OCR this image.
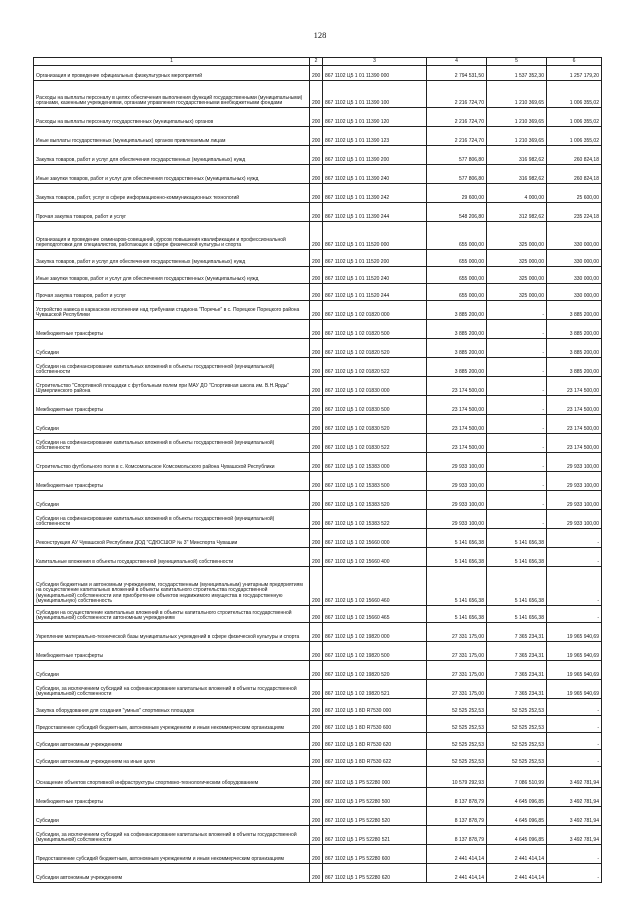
128
1	2	3	4	5	6
Организация и проведение официальных физкультурных мероприятий	200	867 1102 Ц5 1 01 11390 000	2 794 531,50	1 537 352,30	1 257 179,20
Расходы на выплаты персоналу в целях обеспечения выполнения функций государственными (муниципальными) органами, казенными учреждениями, органами управления государственными внебюджетными фондами	200	867 1102 Ц5 1 01 11390 100	2 216 724,70	1 210 369,65	1 006 355,02
Расходы на выплаты персоналу государственных (муниципальных) органов	200	867 1102 Ц5 1 01 11390 120	2 216 724,70	1 210 369,65	1 006 355,02
Иные выплаты государственных (муниципальных) органов привлекаемым лицам	200	867 1102 Ц5 1 01 11390 123	2 216 724,70	1 210 369,65	1 006 355,02
Закупка товаров, работ и услуг для обеспечения государственных (муниципальных) нужд	200	867 1102 Ц5 1 01 11390 200	577 806,80	316 982,62	260 824,18
Иные закупки товаров, работ и услуг для обеспечения государственных (муниципальных) нужд	200	867 1102 Ц5 1 01 11390 240	577 806,80	316 982,62	260 824,18
Закупка товаров, работ, услуг в сфере информационно-коммуникационных технологий	200	867 1102 Ц5 1 01 11390 242	29 600,00	4 000,00	25 600,00
Прочая закупка товаров, работ и услуг	200	867 1102 Ц5 1 01 11390 244	548 206,80	312 982,62	235 224,18
Организация и проведение семинаров-совещаний, курсов повышения квалификации и профессиональной переподготовки для специалистов, работающих в сфере физической культуры и спорта	200	867 1102 Ц5 1 01 11520 000	655 000,00	325 000,00	330 000,00
Закупка товаров, работ и услуг для обеспечения государственных (муниципальных) нужд	200	867 1102 Ц5 1 01 11520 200	655 000,00	325 000,00	330 000,00
Иные закупки товаров, работ и услуг для обеспечения государственных (муниципальных) нужд	200	867 1102 Ц5 1 01 11520 240	655 000,00	325 000,00	330 000,00
Прочая закупка товаров, работ и услуг	200	867 1102 Ц5 1 01 11520 244	655 000,00	325 000,00	330 000,00
Устройство навеса в каркасном исполнении над трибунами стадиона "Поречье" в с. Порецкое Порецкого района Чувашской Республики	200	867 1102 Ц5 1 02 01820 000	3 885 200,00	-	3 885 200,00
Межбюджетные трансферты	200	867 1102 Ц5 1 02 01820 500	3 885 200,00	-	3 885 200,00
Субсидии	200	867 1102 Ц5 1 02 01820 520	3 885 200,00	-	3 885 200,00
Субсидии на софинансирование капитальных вложений в объекты государственной (муниципальной) собственности	200	867 1102 Ц5 1 02 01820 522	3 885 200,00	-	3 885 200,00
Строительство "Спортивной площадки с футбольным полем при МАУ ДО "Спортивная школа им. В.Н.Ярды" Шумерлинского района	200	867 1102 Ц5 1 02 01830 000	23 174 500,00	-	23 174 500,00
Межбюджетные трансферты	200	867 1102 Ц5 1 02 01830 500	23 174 500,00	-	23 174 500,00
Субсидии	200	867 1102 Ц5 1 02 01830 520	23 174 500,00	-	23 174 500,00
Субсидии на софинансирование капитальных вложений в объекты государственной (муниципальной) собственности	200	867 1102 Ц5 1 02 01830 522	23 174 500,00	-	23 174 500,00
Строительство футбольного поля в с. Комсомольское Комсомольского района Чувашской Республики	200	867 1102 Ц5 1 02 15383 000	29 933 100,00	-	29 933 100,00
Межбюджетные трансферты	200	867 1102 Ц5 1 02 15383 500	29 933 100,00	-	29 933 100,00
Субсидии	200	867 1102 Ц5 1 02 15383 520	29 933 100,00	-	29 933 100,00
Субсидии на софинансирование капитальных вложений в объекты государственной (муниципальной) собственности	200	867 1102 Ц5 1 02 15383 522	29 933 100,00	-	29 933 100,00
Реконструкция АУ Чувашской Республики ДОД "СДЮСШОР № 3" Минспорта Чувашии	200	867 1102 Ц5 1 02 15660 000	5 141 656,38	5 141 656,38	-
Капитальные вложения в объекты государственной (муниципальной) собственности	200	867 1102 Ц5 1 02 15660 400	5 141 656,38	5 141 656,38	-
Субсидии бюджетным и автономным учреждениям, государственным (муниципальным) унитарным предприятиям на осуществление капитальных вложений в объекты капитального строительства государственной (муниципальной) собственности или приобретение объектов недвижимого имущества в государственную (муниципальную) собственность	200	867 1102 Ц5 1 02 15660 460	5 141 656,38	5 141 656,38	-
Субсидии на осуществление капитальных вложений в объекты капитального строительства государственной (муниципальной) собственности автономным учреждениям	200	867 1102 Ц5 1 02 15660 465	5 141 656,38	5 141 656,38	-
Укрепление материально-технической базы муниципальных учреждений в сфере физической культуры и спорта	200	867 1102 Ц5 1 02 19820 000	27 331 175,00	7 365 234,31	19 965 940,69
Межбюджетные трансферты	200	867 1102 Ц5 1 02 19820 500	27 331 175,00	7 365 234,31	19 965 940,69
Субсидии	200	867 1102 Ц5 1 02 19820 520	27 331 175,00	7 365 234,31	19 965 940,69
Субсидии, за исключением субсидий на софинансирование капитальных вложений в объекты государственной (муниципальной) собственности	200	867 1102 Ц5 1 02 19820 521	27 331 175,00	7 365 234,31	19 965 940,69
Закупка оборудования для создания "умных" спортивных площадок	200	867 1102 Ц5 1 8D R7530 000	52 525 252,53	52 525 252,53	-
Предоставление субсидий бюджетным, автономным учреждениям и иным некоммерческим организациям	200	867 1102 Ц5 1 8D R7530 600	52 525 252,53	52 525 252,53	-
Субсидии автономным учреждениям	200	867 1102 Ц5 1 8D R7530 620	52 525 252,53	52 525 252,53	-
Субсидии автономным учреждениям на иные цели	200	867 1102 Ц5 1 8D R7530 622	52 525 252,53	52 525 252,53	-
Оснащение объектов спортивной инфраструктуры спортивно-технологическим оборудованием	200	867 1102 Ц5 1 P5 52280 000	10 579 292,93	7 086 510,99	3 492 781,94
Межбюджетные трансферты	200	867 1102 Ц5 1 P5 52280 500	8 137 878,79	4 645 096,85	3 492 781,94
Субсидии	200	867 1102 Ц5 1 P5 52280 520	8 137 878,79	4 645 096,85	3 492 781,94
Субсидии, за исключением субсидий на софинансирование капитальных вложений в объекты государственной (муниципальной) собственности	200	867 1102 Ц5 1 P5 52280 521	8 137 878,79	4 645 096,85	3 492 781,94
Предоставление субсидий бюджетным, автономным учреждениям и иным некоммерческим организациям	200	867 1102 Ц5 1 P5 52280 600	2 441 414,14	2 441 414,14	-
Субсидии автономным учреждениям	200	867 1102 Ц5 1 P5 52280 620	2 441 414,14	2 441 414,14	-
